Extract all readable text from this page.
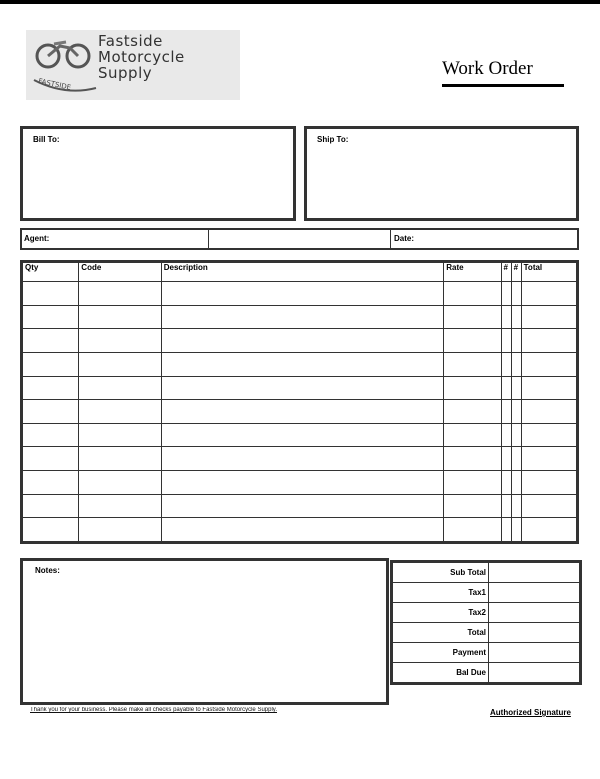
FASTSIDE
Fastside
Motorcycle
Supply	Work Order
Bill To:	Ship To:
Agent:	Date:
Qty	Code	Description	Rate	#	#	Total

Notes:	Sub Total	
Tax1	
Tax2	
Total	
Payment	
Bal Due	
Thank you for your business. Please make all checks payable to Fastside Motorcycle Supply.	Authorized Signature
